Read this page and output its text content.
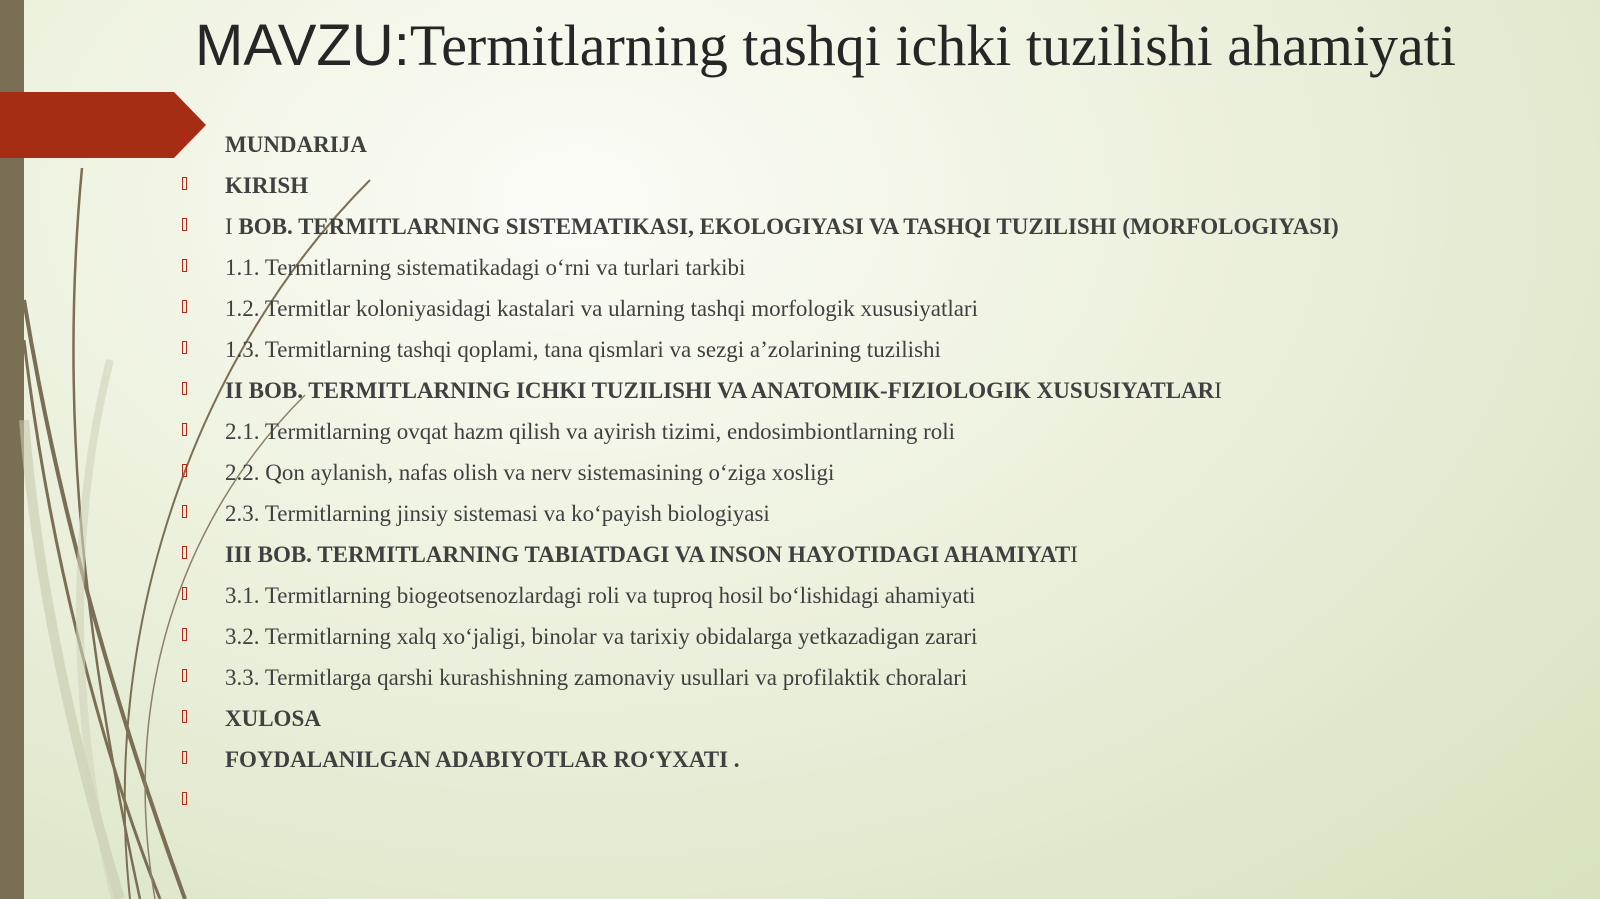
MAVZU:Termitlarning tashqi ichki tuzilishi ahamiyati
MUNDARIJA
KIRISH
I BOB. TERMITLARNING SISTEMATIKASI, EKOLOGIYASI VA TASHQI TUZILISHI (MORFOLOGIYASI)
1.1. Termitlarning sistematikadagi o‘rni va turlari tarkibi
1.2. Termitlar koloniyasidagi kastalari va ularning tashqi morfologik xususiyatlari
1.3. Termitlarning tashqi qoplami, tana qismlari va sezgi a’zolarining tuzilishi
II BOB. TERMITLARNING ICHKI TUZILISHI VA ANATOMIK-FIZIOLOGIK XUSUSIYATLARI
2.1. Termitlarning ovqat hazm qilish va ayirish tizimi, endosimbiontlarning roli
2.2. Qon aylanish, nafas olish va nerv sistemasining o‘ziga xosligi
2.3. Termitlarning jinsiy sistemasi va ko‘payish biologiyasi
III BOB. TERMITLARNING TABIATDAGI VA INSON HAYOTIDAGI AHAMIYATI
3.1. Termitlarning biogeotsenozlardagi roli va tuproq hosil bo‘lishidagi ahamiyati
3.2. Termitlarning xalq xo‘jaligi, binolar va tarixiy obidalarga yetkazadigan zarari
3.3. Termitlarga qarshi kurashishning zamonaviy usullari va profilaktik choralari
XULOSA
FOYDALANILGAN ADABIYOTLAR RO‘YXATI .
